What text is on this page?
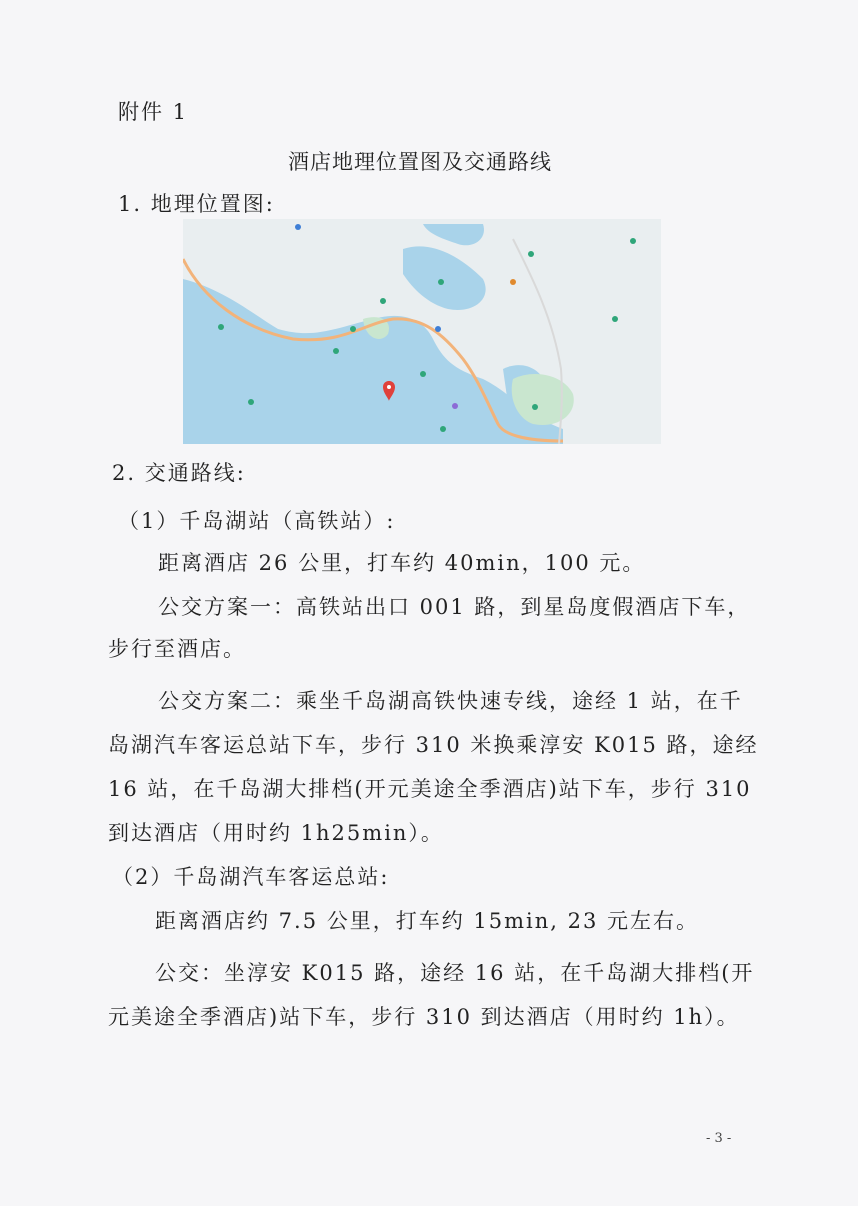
附件 1
酒店地理位置图及交通路线
1. 地理位置图:
2. 交通路线:
（1）千岛湖站（高铁站）:
距离酒店 26 公里，打车约 40min，100 元。
公交方案一：高铁站出口 001 路，到星岛度假酒店下车，
步行至酒店。
公交方案二：乘坐千岛湖高铁快速专线，途经 1 站，在千
岛湖汽车客运总站下车，步行 310 米换乘淳安 K015 路，途经
16 站，在千岛湖大排档(开元美途全季酒店)站下车，步行 310
到达酒店（用时约 1h25min）。
（2）千岛湖汽车客运总站:
距离酒店约 7.5 公里，打车约 15min, 23 元左右。
公交：坐淳安 K015 路，途经 16 站，在千岛湖大排档(开
元美途全季酒店)站下车，步行 310 到达酒店（用时约 1h）。
- 3 -
